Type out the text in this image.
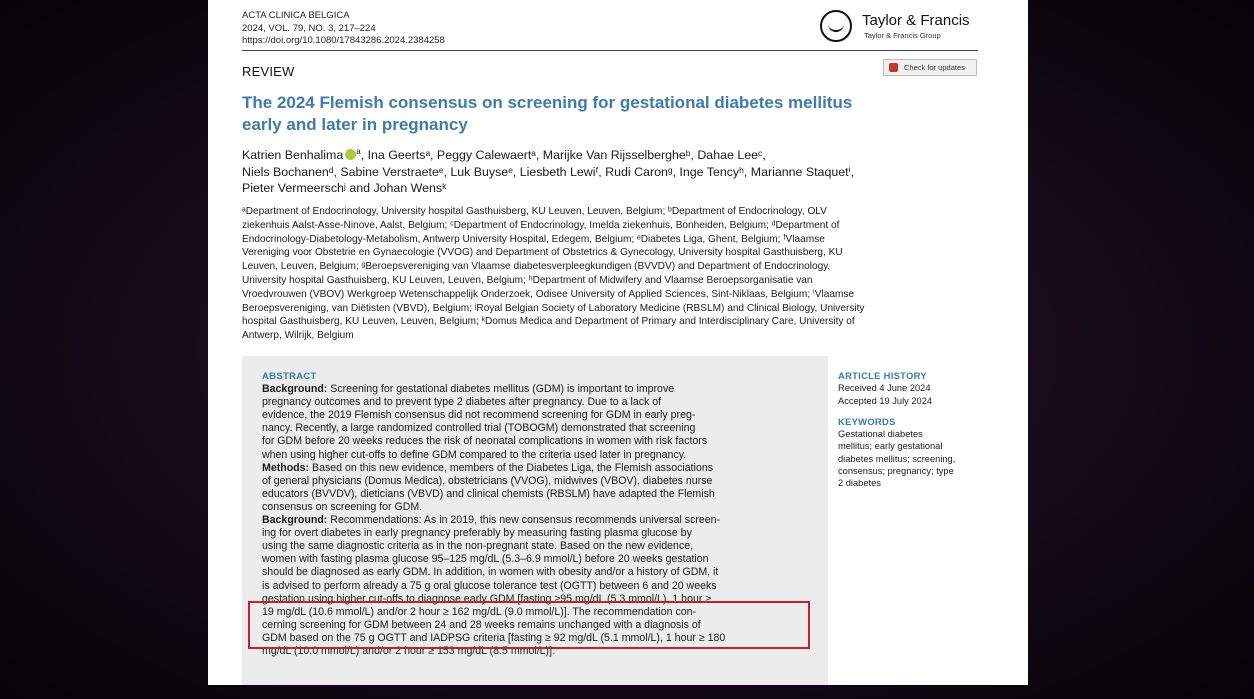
ACTA CLINICA BELGICA
2024, VOL. 79, NO. 3, 217–224
https://doi.org/10.1080/17843286.2024.2384258
Taylor & Francis
Taylor & Francis Group
REVIEW	Check for updates
The 2024 Flemish consensus on screening for gestational diabetes mellitus
early and later in pregnancy
Katrien Benhalima $^a$, Ina Geertsᵃ, Peggy Calewaertᵃ, Marijke Van Rijsselbergheᵇ, Dahae Leeᶜ,
Niels Bochanenᵈ, Sabine Verstraeteᵉ, Luk Buyseᵉ, Liesbeth Lewiᶠ, Rudi Caronᵍ, Inge Tencyʰ, Marianne Staquetⁱ,
Pieter Vermeerschʲ and Johan Wensᵏ
ᵃDepartment of Endocrinology, University hospital Gasthuisberg, KU Leuven, Leuven, Belgium; ᵇDepartment of Endocrinology, OLV
ziekenhuis Aalst-Asse-Ninove, Aalst, Belgium; ᶜDepartment of Endocrinology, Imelda ziekenhuis, Bonheiden, Belgium; ᵈDepartment of
Endocrinology-Diabetology-Metabolism, Antwerp University Hospital, Edegem, Belgium; ᵉDiabetes Liga, Ghent, Belgium; ᶠVlaamse
Vereniging voor Obstetrie en Gynaecologie (VVOG) and Department of Obstetrics & Gynecology, University hospital Gasthuisberg, KU
Leuven, Leuven, Belgium; ᵍBeroepsvereniging van Vlaamse diabetesverpleegkundigen (BVVDV) and Department of Endocrinology,
University hospital Gasthuisberg, KU Leuven, Leuven, Belgium; ʰDepartment of Midwifery and Vlaamse Beroepsorganisatie van
Vroedvrouwen (VBOV) Werkgroep Wetenschappelijk Onderzoek, Odisee University of Applied Sciences, Sint-Niklaas, Belgium; ⁱVlaamse
Beroepsvereniging, van Diëtisten (VBVD), Belgium; ʲRoyal Belgian Society of Laboratory Medicine (RBSLM) and Clinical Biology, University
hospital Gasthuisberg, KU Leuven, Leuven, Belgium; ᵏDomus Medica and Department of Primary and Interdisciplinary Care, University of
Antwerp, Wilrijk, Belgium
ABSTRACT
Background: Screening for gestational diabetes mellitus (GDM) is important to improve
pregnancy outcomes and to prevent type 2 diabetes after pregnancy. Due to a lack of
evidence, the 2019 Flemish consensus did not recommend screening for GDM in early preg-
nancy. Recently, a large randomized controlled trial (TOBOGM) demonstrated that screening
for GDM before 20 weeks reduces the risk of neonatal complications in women with risk factors
when using higher cut-offs to define GDM compared to the criteria used later in pregnancy.
Methods: Based on this new evidence, members of the Diabetes Liga, the Flemish associations
of general physicians (Domus Medica), obstetricians (VVOG), midwives (VBOV), diabetes nurse
educators (BVVDV), dieticians (VBVD) and clinical chemists (RBSLM) have adapted the Flemish
consensus on screening for GDM.
Background: Recommendations: As in 2019, this new consensus recommends universal screen-
ing for overt diabetes in early pregnancy preferably by measuring fasting plasma glucose by
using the same diagnostic criteria as in the non-pregnant state. Based on the new evidence,
women with fasting plasma glucose 95–125 mg/dL (5.3–6.9 mmol/L) before 20 weeks gestation
should be diagnosed as early GDM. In addition, in women with obesity and/or a history of GDM, it
is advised to perform already a 75 g oral glucose tolerance test (OGTT) between 6 and 20 weeks
gestation using higher cut-offs to diagnose early GDM [fasting ≥95 mg/dL (5.3 mmol/L), 1 hour ≥
19 mg/dL (10.6 mmol/L) and/or 2 hour ≥ 162 mg/dL (9.0 mmol/L)]. The recommendation con-
cerning screening for GDM between 24 and 28 weeks remains unchanged with a diagnosis of
GDM based on the 75 g OGTT and IADPSG criteria [fasting ≥ 92 mg/dL (5.1 mmol/L), 1 hour ≥ 180
mg/dL (10.0 mmol/L) and/or 2 hour ≥ 153 mg/dL (8.5 mmol/L)].
ARTICLE HISTORY
Received 4 June 2024
Accepted 19 July 2024
KEYWORDS
Gestational diabetes
mellitus; early gestational
diabetes mellitus; screening,
consensus; pregnancy; type
2 diabetes
